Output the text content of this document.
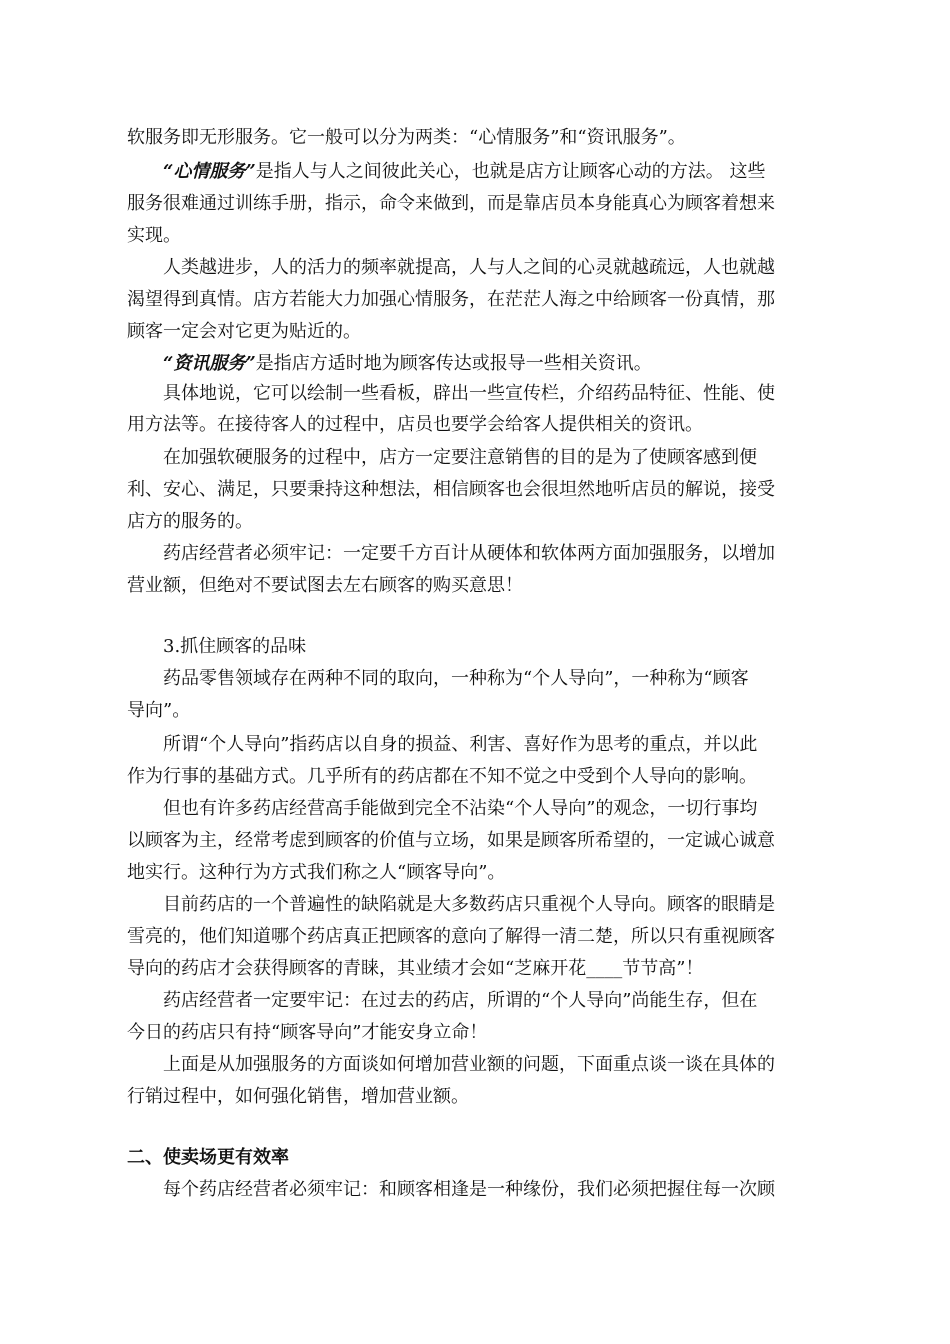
软服务即无形服务。它一般可以分为两类：“心情服务”和“资讯服务”。
“心情服务”是指人与人之间彼此关心，也就是店方让顾客心动的方法。 这些
服务很难通过训练手册，指示，命令来做到，而是靠店员本身能真心为顾客着想来
实现。
人类越进步，人的活力的频率就提高，人与人之间的心灵就越疏远，人也就越
渴望得到真情。店方若能大力加强心情服务，在茫茫人海之中给顾客一份真情，那
顾客一定会对它更为贴近的。
“资讯服务”是指店方适时地为顾客传达或报导一些相关资讯。
具体地说，它可以绘制一些看板，辟出一些宣传栏，介绍药品特征、性能、使
用方法等。在接待客人的过程中，店员也要学会给客人提供相关的资讯。
在加强软硬服务的过程中，店方一定要注意销售的目的是为了使顾客感到便
利、安心、满足，只要秉持这种想法，相信顾客也会很坦然地听店员的解说，接受
店方的服务的。
药店经营者必须牢记：一定要千方百计从硬体和软体两方面加强服务，以增加
营业额，但绝对不要试图去左右顾客的购买意思！
3.抓住顾客的品味
药品零售领域存在两种不同的取向，一种称为“个人导向”，一种称为“顾客
导向”。
所谓“个人导向”指药店以自身的损益、利害、喜好作为思考的重点，并以此
作为行事的基础方式。几乎所有的药店都在不知不觉之中受到个人导向的影响。
但也有许多药店经营高手能做到完全不沾染“个人导向”的观念，一切行事均
以顾客为主，经常考虑到顾客的价值与立场，如果是顾客所希望的，一定诚心诚意
地实行。这种行为方式我们称之人“顾客导向”。
目前药店的一个普遍性的缺陷就是大多数药店只重视个人导向。顾客的眼睛是
雪亮的，他们知道哪个药店真正把顾客的意向了解得一清二楚，所以只有重视顾客
导向的药店才会获得顾客的青睐，其业绩才会如“芝麻开花____节节高”！
药店经营者一定要牢记：在过去的药店，所谓的“个人导向”尚能生存，但在
今日的药店只有持“顾客导向”才能安身立命！
上面是从加强服务的方面谈如何增加营业额的问题，下面重点谈一谈在具体的
行销过程中，如何强化销售，增加营业额。
二、使卖场更有效率
每个药店经营者必须牢记：和顾客相逢是一种缘份，我们必须把握住每一次顾
